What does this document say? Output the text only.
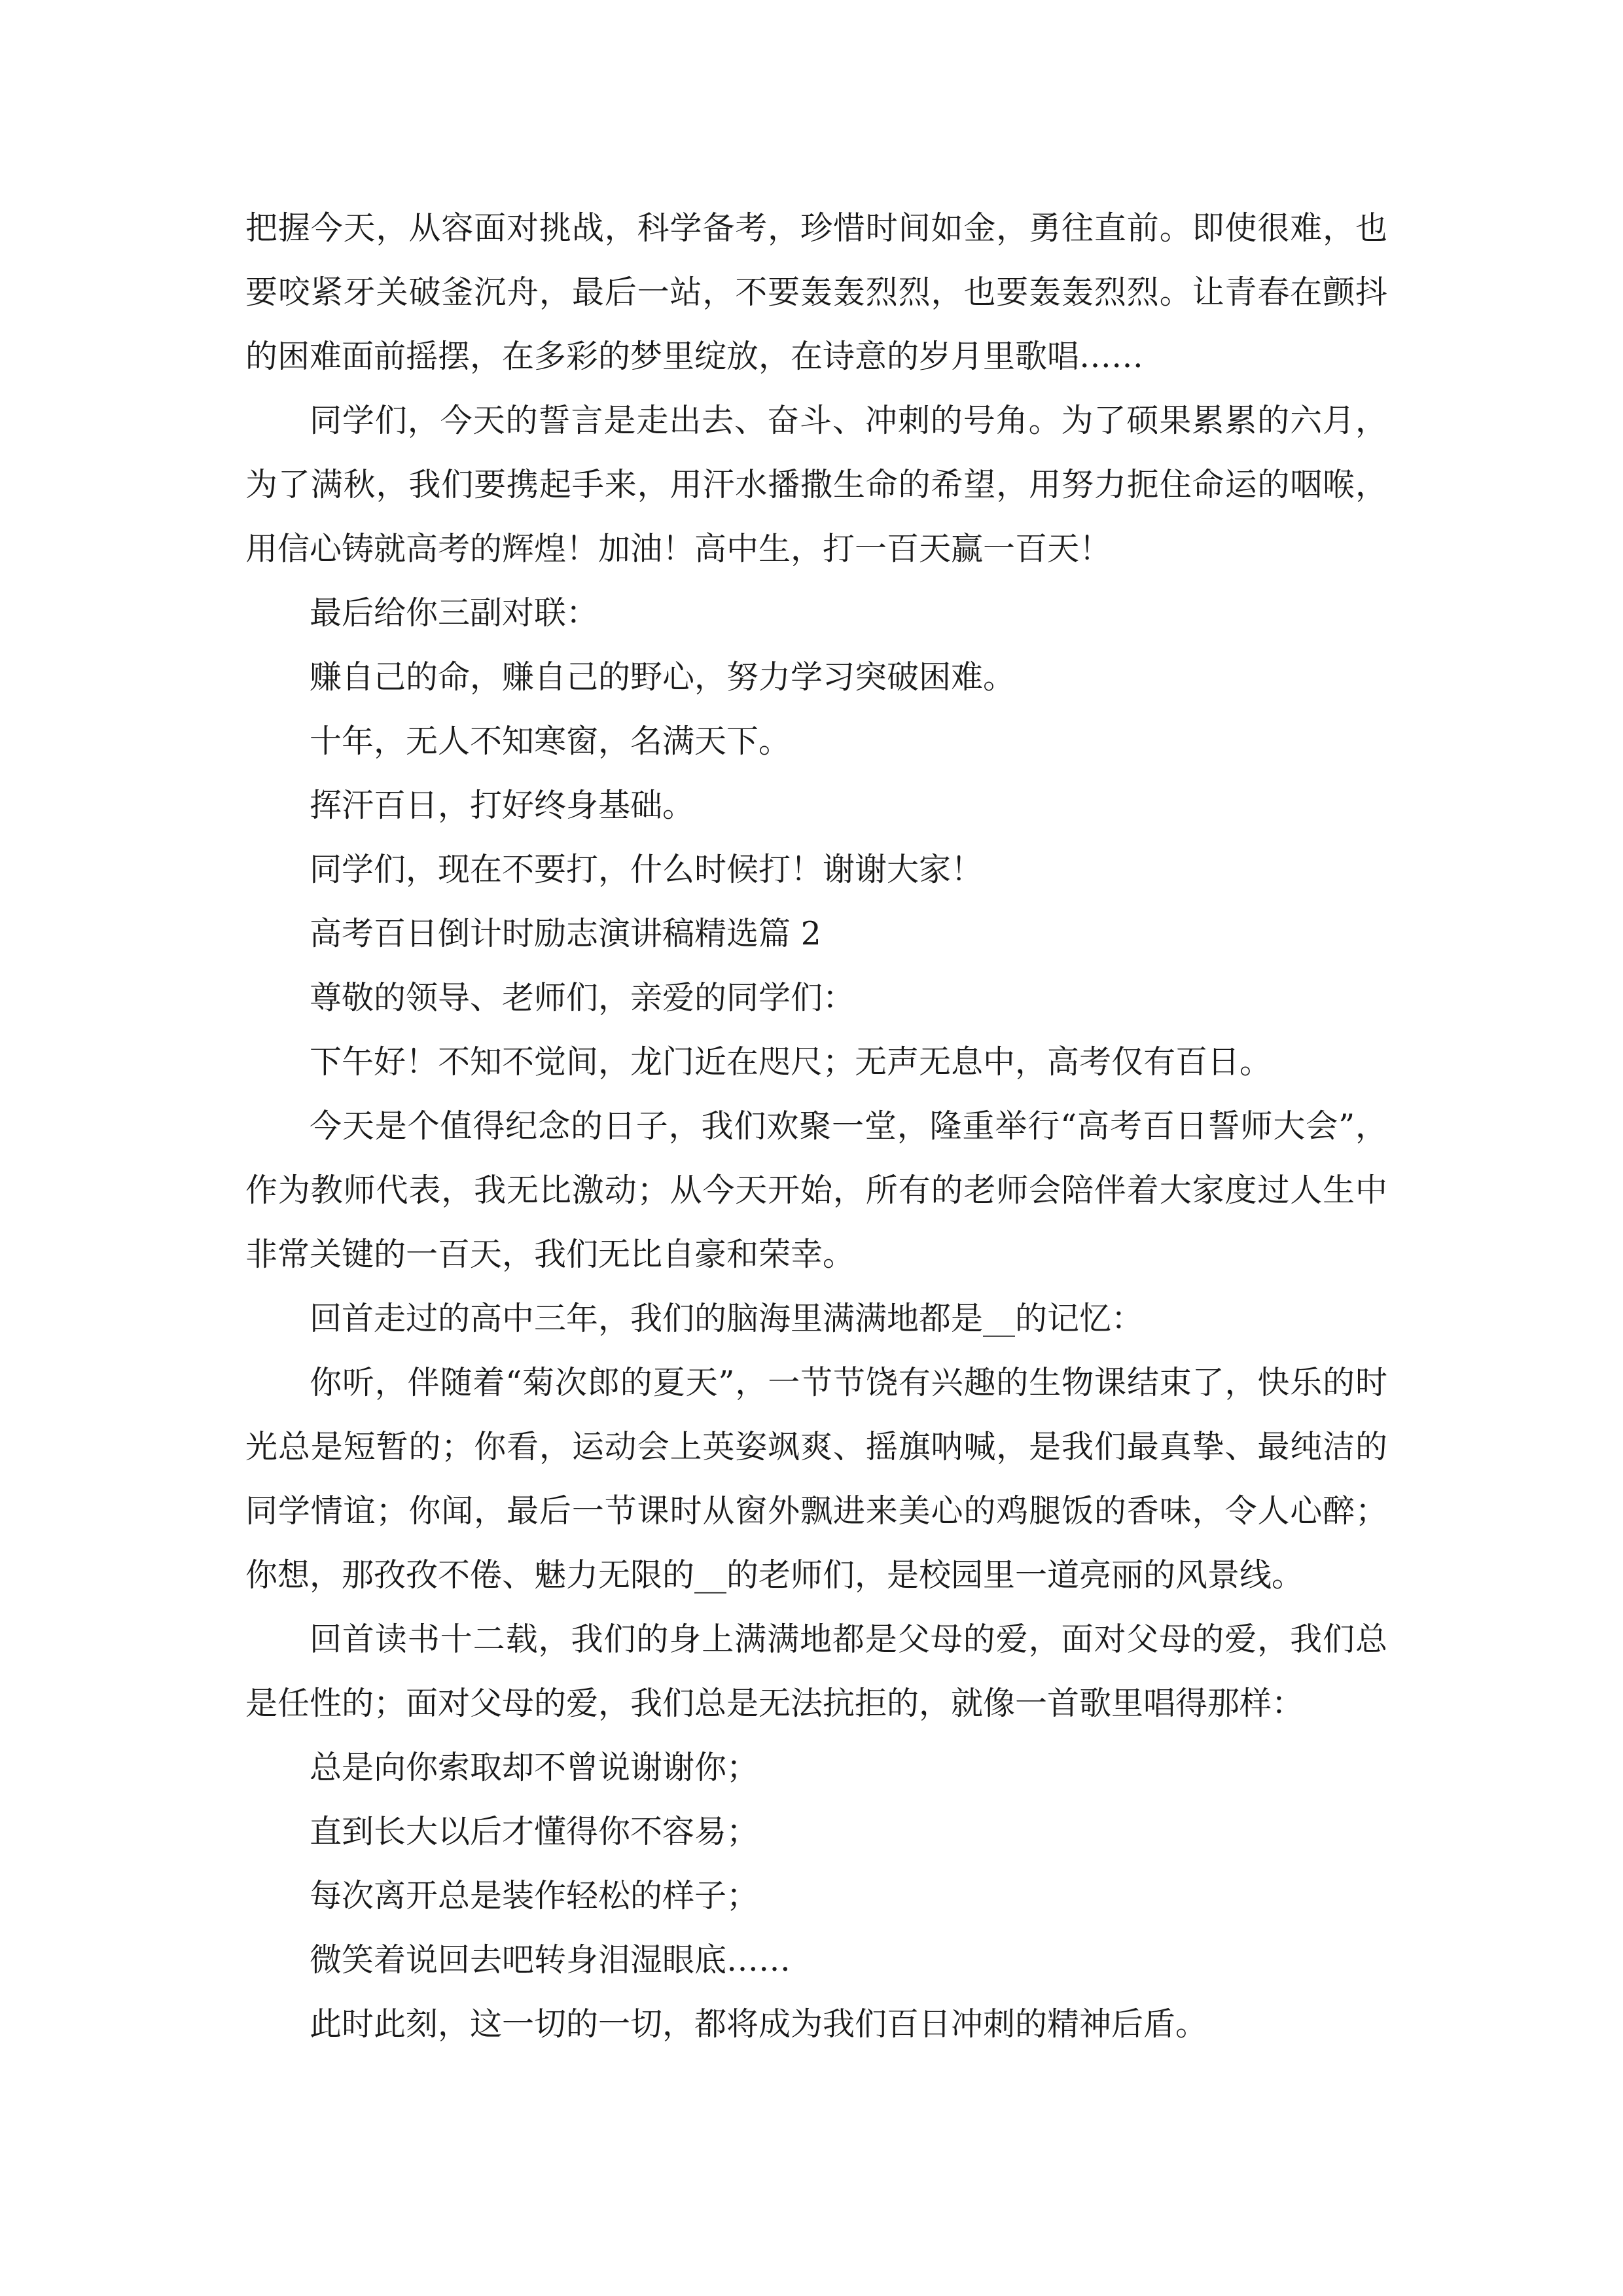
把握今天，从容面对挑战，科学备考，珍惜时间如金，勇往直前。即使很难，也要咬紧牙关破釜沉舟，最后一站，不要轰轰烈烈，也要轰轰烈烈。让青春在颤抖的困难面前摇摆，在多彩的梦里绽放，在诗意的岁月里歌唱……

同学们，今天的誓言是走出去、奋斗、冲刺的号角。为了硕果累累的六月，为了满秋，我们要携起手来，用汗水播撒生命的希望，用努力扼住命运的咽喉，用信心铸就高考的辉煌！加油！高中生，打一百天赢一百天！

最后给你三副对联：

赚自己的命，赚自己的野心，努力学习突破困难。

十年，无人不知寒窗，名满天下。

挥汗百日，打好终身基础。

同学们，现在不要打，什么时候打！谢谢大家！

高考百日倒计时励志演讲稿精选篇 2

尊敬的领导、老师们，亲爱的同学们：

下午好！不知不觉间，龙门近在咫尺；无声无息中，高考仅有百日。

今天是个值得纪念的日子，我们欢聚一堂，隆重举行“高考百日誓师大会”，作为教师代表，我无比激动；从今天开始，所有的老师会陪伴着大家度过人生中非常关键的一百天，我们无比自豪和荣幸。

回首走过的高中三年，我们的脑海里满满地都是__的记忆：

你听，伴随着“菊次郎的夏天”，一节节饶有兴趣的生物课结束了，快乐的时光总是短暂的；你看，运动会上英姿飒爽、摇旗呐喊，是我们最真挚、最纯洁的同学情谊；你闻，最后一节课时从窗外飘进来美心的鸡腿饭的香味，令人心醉；你想，那孜孜不倦、魅力无限的__的老师们，是校园里一道亮丽的风景线。

回首读书十二载，我们的身上满满地都是父母的爱，面对父母的爱，我们总是任性的；面对父母的爱，我们总是无法抗拒的，就像一首歌里唱得那样：

总是向你索取却不曾说谢谢你；

直到长大以后才懂得你不容易；

每次离开总是装作轻松的样子；

微笑着说回去吧转身泪湿眼底……

此时此刻，这一切的一切，都将成为我们百日冲刺的精神后盾。
